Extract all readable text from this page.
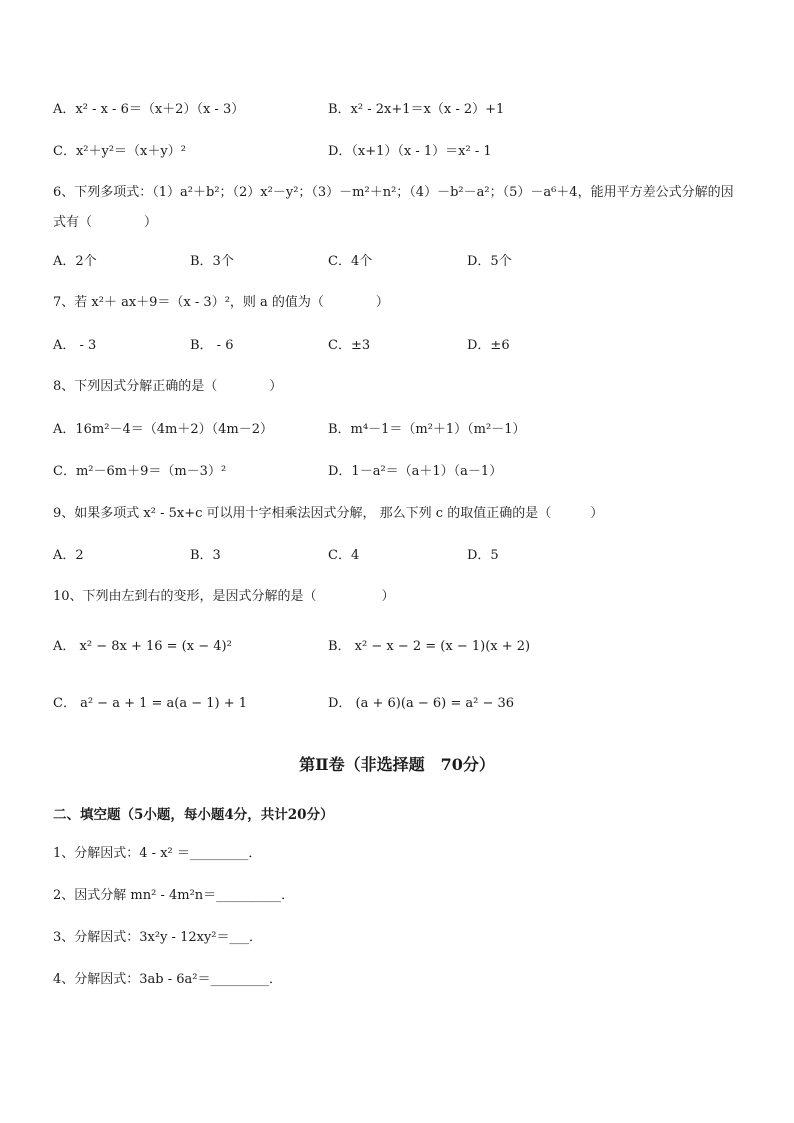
A．x² - x - 6＝（x＋2）（x - 3）	B．x² - 2x+1＝x（x - 2）+1
C．x²＋y²＝（x＋y）²	D．（x+1）（x - 1）＝x² - 1
6、下列多项式：（1）a²＋b²；（2）x²－y²；（3）－m²＋n²；（4）－b²－a²；（5）－a⁶＋4，能用平方差公式分解的因式有（　　　　）
A．2个	B．3个	C．4个	D．5个
7、若 x²＋ ax＋9＝（x - 3）²，则 a 的值为（　　　　）
A． - 3	B． - 6	C．±3	D．±6
8、下列因式分解正确的是（　　　　）
A．16m²－4＝（4m＋2）（4m－2）	B．m⁴－1＝（m²＋1）（m²－1）
C．m²－6m＋9＝（m－3）²	D．1－a²＝（a＋1）（a－1）
9、如果多项式 x² - 5x+c 可以用十字相乘法因式分解， 那么下列 c 的取值正确的是（　　　）
A．2	B．3	C．4	D．5
10、下列由左到右的变形，是因式分解的是（　　　　　）
A． x² − 8x + 16 = (x − 4)²	B． x² − x − 2 = (x − 1)(x + 2)
C． a² − a + 1 = a(a − 1) + 1	D． (a + 6)(a − 6) = a² − 36
第Ⅱ卷（非选择题　70分）
二、填空题（5小题，每小题4分，共计20分）
1、分解因式：4 - x² ＝_________．
2、因式分解 mn² - 4m²n＝__________．
3、分解因式：3x²y - 12xy²＝___．
4、分解因式：3ab - 6a²＝_________．
